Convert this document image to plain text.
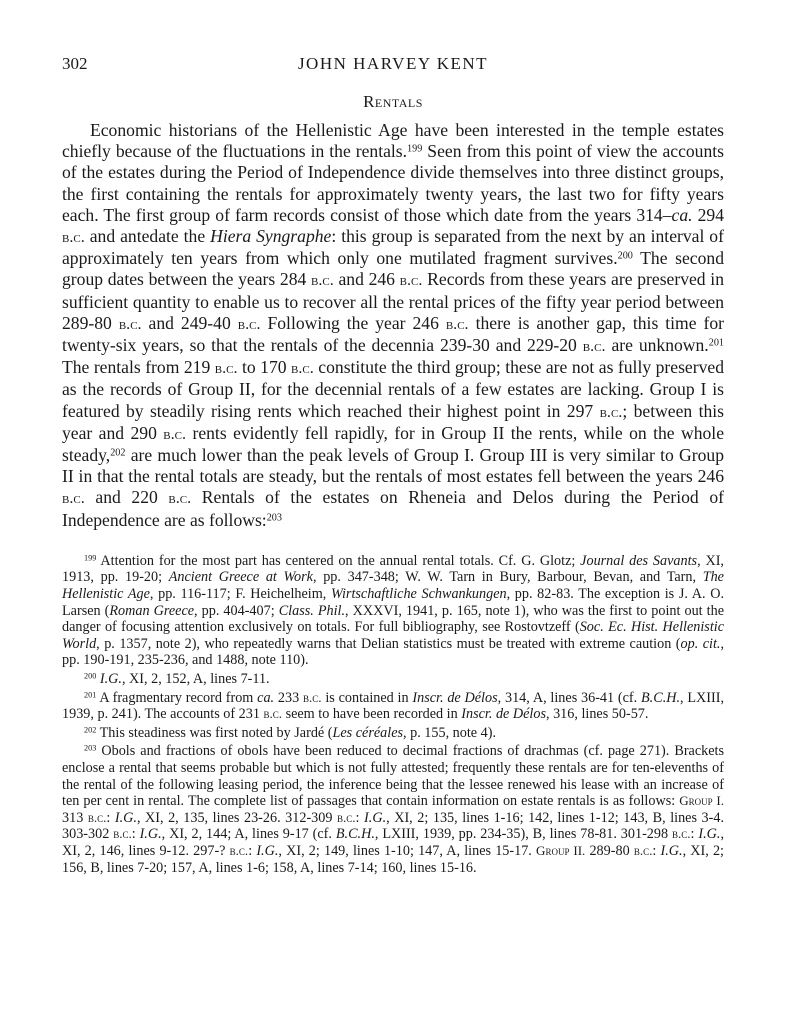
302	JOHN HARVEY KENT
Rentals

Economic historians of the Hellenistic Age have been interested in the temple estates chiefly because of the fluctuations in the rentals.$^{199}$ Seen from this point of view the accounts of the estates during the Period of Independence divide themselves into three distinct groups, the first containing the rentals for approximately twenty years, the last two for fifty years each. The first group of farm records consist of those which date from the years 314–ca. 294 b.c. and antedate the Hiera Syngraphe: this group is separated from the next by an interval of approximately ten years from which only one mutilated fragment survives.$^{200}$ The second group dates between the years 284 b.c. and 246 b.c. Records from these years are preserved in sufficient quantity to enable us to recover all the rental prices of the fifty year period between 289-80 b.c. and 249-40 b.c. Following the year 246 b.c. there is another gap, this time for twenty-six years, so that the rentals of the decennia 239-30 and 229-20 b.c. are unknown.$^{201}$ The rentals from 219 b.c. to 170 b.c. constitute the third group; these are not as fully preserved as the records of Group II, for the decennial rentals of a few estates are lacking. Group I is featured by steadily rising rents which reached their highest point in 297 b.c.; between this year and 290 b.c. rents evidently fell rapidly, for in Group II the rents, while on the whole steady,$^{202}$ are much lower than the peak levels of Group I. Group III is very similar to Group II in that the rental totals are steady, but the rentals of most estates fell between the years 246 b.c. and 220 b.c. Rentals of the estates on Rheneia and Delos during the Period of Independence are as follows:$^{203}$

$^{199}$ Attention for the most part has centered on the annual rental totals. Cf. G. Glotz; Journal des Savants, XI, 1913, pp. 19-20; Ancient Greece at Work, pp. 347-348; W. W. Tarn in Bury, Barbour, Bevan, and Tarn, The Hellenistic Age, pp. 116-117; F. Heichelheim, Wirtschaftliche Schwankungen, pp. 82-83. The exception is J. A. O. Larsen (Roman Greece, pp. 404-407; Class. Phil., XXXVI, 1941, p. 165, note 1), who was the first to point out the danger of focusing attention exclusively on totals. For full bibliography, see Rostovtzeff (Soc. Ec. Hist. Hellenistic World, p. 1357, note 2), who repeatedly warns that Delian statistics must be treated with extreme caution (op. cit., pp. 190-191, 235-236, and 1488, note 110).

$^{200}$ I.G., XI, 2, 152, A, lines 7-11.

$^{201}$ A fragmentary record from ca. 233 b.c. is contained in Inscr. de Délos, 314, A, lines 36-41 (cf. B.C.H., LXIII, 1939, p. 241). The accounts of 231 b.c. seem to have been recorded in Inscr. de Délos, 316, lines 50-57.

$^{202}$ This steadiness was first noted by Jardé (Les céréales, p. 155, note 4).

$^{203}$ Obols and fractions of obols have been reduced to decimal fractions of drachmas (cf. page 271). Brackets enclose a rental that seems probable but which is not fully attested; frequently these rentals are for ten-elevenths of the rental of the following leasing period, the inference being that the lessee renewed his lease with an increase of ten per cent in rental. The complete list of passages that contain information on estate rentals is as follows: Group I. 313 b.c.: I.G., XI, 2, 135, lines 23-26. 312-309 b.c.: I.G., XI, 2; 135, lines 1-16; 142, lines 1-12; 143, B, lines 3-4. 303-302 b.c.: I.G., XI, 2, 144; A, lines 9-17 (cf. B.C.H., LXIII, 1939, pp. 234-35), B, lines 78-81. 301-298 b.c.: I.G., XI, 2, 146, lines 9-12. 297-? b.c.: I.G., XI, 2; 149, lines 1-10; 147, A, lines 15-17. Group II. 289-80 b.c.: I.G., XI, 2; 156, B, lines 7-20; 157, A, lines 1-6; 158, A, lines 7-14; 160, lines 15-16.
